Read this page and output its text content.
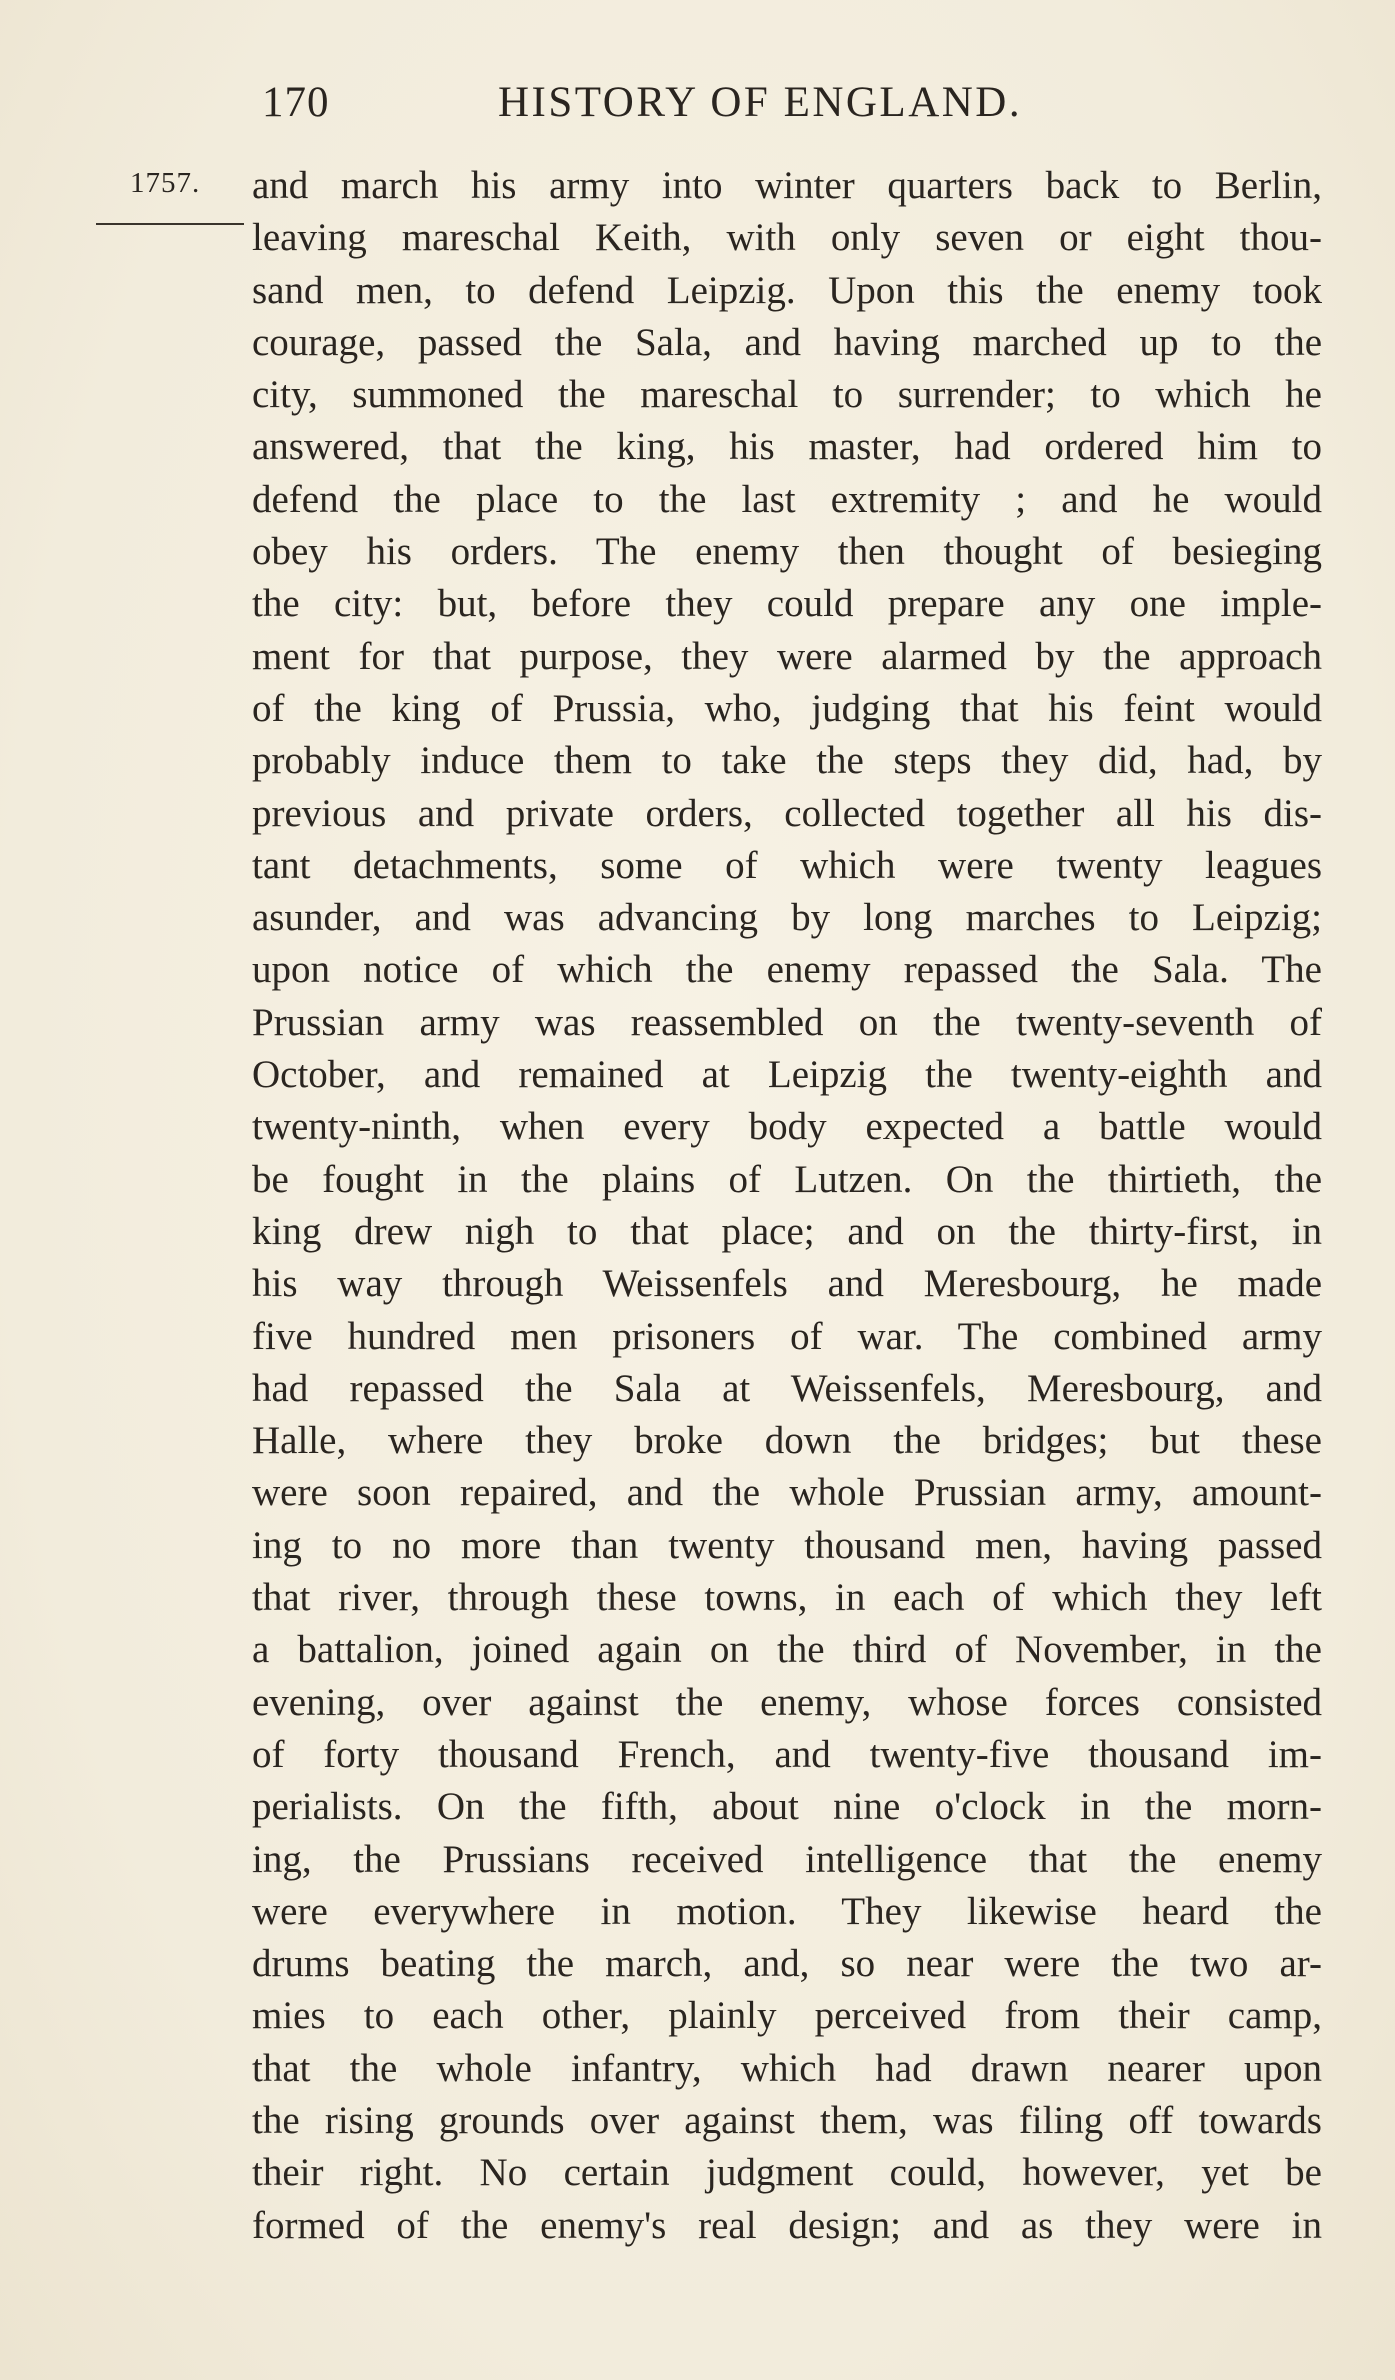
170	HISTORY OF ENGLAND.
1757. and march his army into winter quarters back to Berlin,
leaving mareschal Keith, with only seven or eight thou-
sand men, to defend Leipzig. Upon this the enemy took
courage, passed the Sala, and having marched up to the
city, summoned the mareschal to surrender; to which he
answered, that the king, his master, had ordered him to
defend the place to the last extremity ; and he would
obey his orders. The enemy then thought of besieging
the city: but, before they could prepare any one imple-
ment for that purpose, they were alarmed by the approach
of the king of Prussia, who, judging that his feint would
probably induce them to take the steps they did, had, by
previous and private orders, collected together all his dis-
tant detachments, some of which were twenty leagues
asunder, and was advancing by long marches to Leipzig;
upon notice of which the enemy repassed the Sala. The
Prussian army was reassembled on the twenty-seventh of
October, and remained at Leipzig the twenty-eighth and
twenty-ninth, when every body expected a battle would
be fought in the plains of Lutzen. On the thirtieth, the
king drew nigh to that place; and on the thirty-first, in
his way through Weissenfels and Meresbourg, he made
five hundred men prisoners of war. The combined army
had repassed the Sala at Weissenfels, Meresbourg, and
Halle, where they broke down the bridges; but these
were soon repaired, and the whole Prussian army, amount-
ing to no more than twenty thousand men, having passed
that river, through these towns, in each of which they left
a battalion, joined again on the third of November, in the
evening, over against the enemy, whose forces consisted
of forty thousand French, and twenty-five thousand im-
perialists. On the fifth, about nine o'clock in the morn-
ing, the Prussians received intelligence that the enemy
were everywhere in motion. They likewise heard the
drums beating the march, and, so near were the two ar-
mies to each other, plainly perceived from their camp,
that the whole infantry, which had drawn nearer upon
the rising grounds over against them, was filing off towards
their right. No certain judgment could, however, yet be
formed of the enemy's real design; and as they were in
